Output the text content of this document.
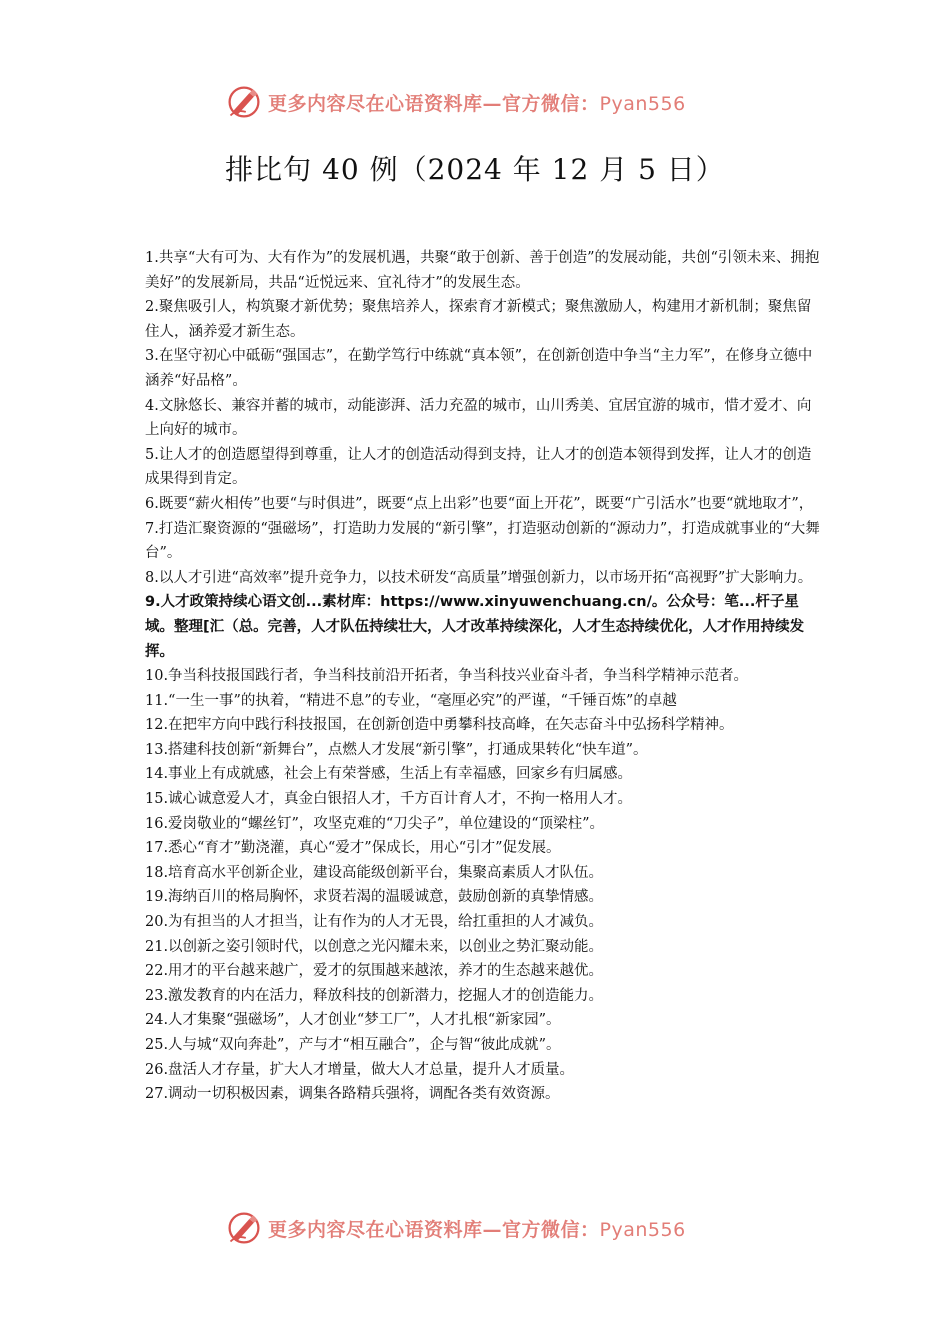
更多内容尽在心语资料库—官方微信：Pyan556
排比句 40 例（2024 年 12 月 5 日）

1.共享“大有可为、大有作为”的发展机遇，共聚“敢于创新、善于创造”的发展动能，共创“引领未来、拥抱美好”的发展新局，共品“近悦远来、宜礼待才”的发展生态。

2.聚焦吸引人，构筑聚才新优势；聚焦培养人，探索育才新模式；聚焦激励人，构建用才新机制；聚焦留住人，涵养爱才新生态。

3.在坚守初心中砥砺“强国志”，在勤学笃行中练就“真本领”，在创新创造中争当“主力军”，在修身立德中涵养“好品格”。

4.文脉悠长、兼容并蓄的城市，动能澎湃、活力充盈的城市，山川秀美、宜居宜游的城市，惜才爱才、向上向好的城市。

5.让人才的创造愿望得到尊重，让人才的创造活动得到支持，让人才的创造本领得到发挥，让人才的创造成果得到肯定。

6.既要“薪火相传”也要“与时俱进”，既要“点上出彩”也要“面上开花”，既要“广引活水”也要“就地取才”，

7.打造汇聚资源的“强磁场”，打造助力发展的“新引擎”，打造驱动创新的“源动力”，打造成就事业的“大舞台”。

8.以人才引进“高效率”提升竞争力，以技术研发“高质量”增强创新力，以市场开拓“高视野”扩大影响力。

9.人才政策持续心语文创...素材库：https://www.xinyuwenchuang.cn/。公众号：笔...杆子星域。整理[汇（总。完善，人才队伍持续壮大，人才改革持续深化，人才生态持续优化，人才作用持续发挥。

10.争当科技报国践行者，争当科技前沿开拓者，争当科技兴业奋斗者，争当科学精神示范者。

11.“一生一事”的执着，“精进不息”的专业，“毫厘必究”的严谨，“千锤百炼”的卓越

12.在把牢方向中践行科技报国，在创新创造中勇攀科技高峰，在矢志奋斗中弘扬科学精神。

13.搭建科技创新“新舞台”，点燃人才发展“新引擎”，打通成果转化“快车道”。

14.事业上有成就感，社会上有荣誉感，生活上有幸福感，回家乡有归属感。

15.诚心诚意爱人才，真金白银招人才，千方百计育人才，不拘一格用人才。

16.爱岗敬业的“螺丝钉”，攻坚克难的“刀尖子”，单位建设的“顶梁柱”。

17.悉心“育才”勤浇灌，真心“爱才”保成长，用心“引才”促发展。

18.培育高水平创新企业，建设高能级创新平台，集聚高素质人才队伍。

19.海纳百川的格局胸怀，求贤若渴的温暖诚意，鼓励创新的真挚情感。

20.为有担当的人才担当，让有作为的人才无畏，给扛重担的人才减负。

21.以创新之姿引领时代，以创意之光闪耀未来，以创业之势汇聚动能。

22.用才的平台越来越广，爱才的氛围越来越浓，养才的生态越来越优。

23.激发教育的内在活力，释放科技的创新潜力，挖掘人才的创造能力。

24.人才集聚“强磁场”，人才创业“梦工厂”，人才扎根“新家园”。

25.人与城“双向奔赴”，产与才“相互融合”，企与智“彼此成就”。

26.盘活人才存量，扩大人才增量，做大人才总量，提升人才质量。

27.调动一切积极因素，调集各路精兵强将，调配各类有效资源。

更多内容尽在心语资料库—官方微信：Pyan556
